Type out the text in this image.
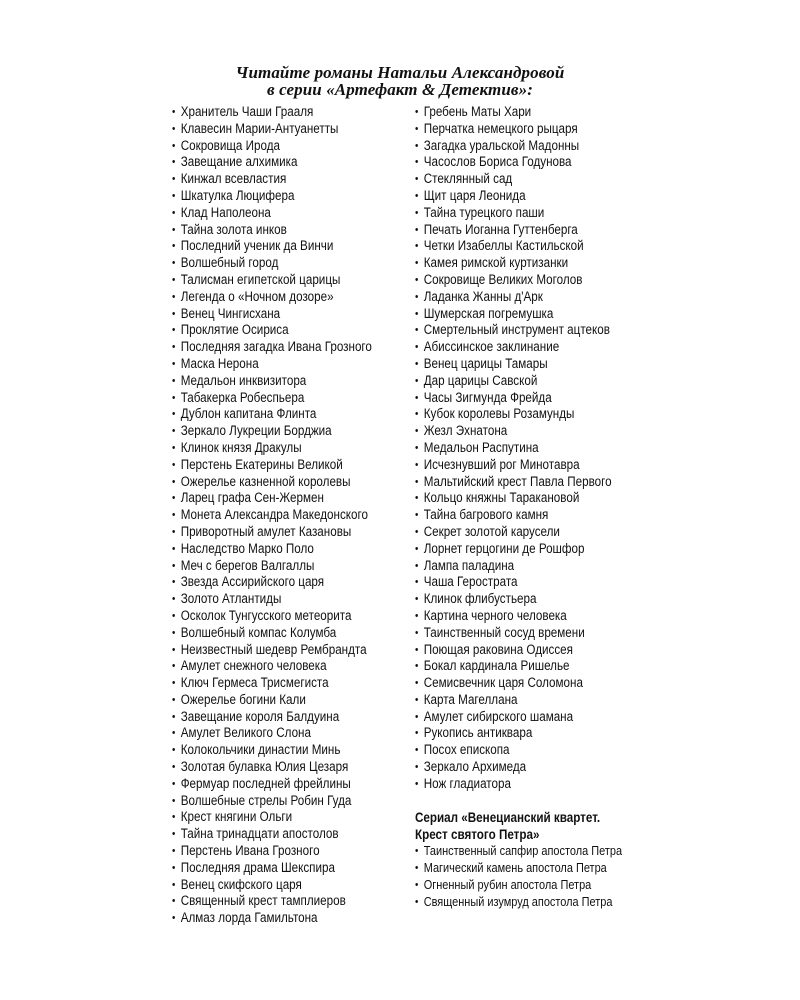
Читайте романы Натальи Александровой
в серии «Артефакт & Детектив»:
• Хранитель Чаши Грааля
• Клавесин Марии-Антуанетты
• Сокровища Ирода
• Завещание алхимика
• Кинжал всевластия
• Шкатулка Люцифера
• Клад Наполеона
• Тайна золота инков
• Последний ученик да Винчи
• Волшебный город
• Талисман египетской царицы
• Легенда о «Ночном дозоре»
• Венец Чингисхана
• Проклятие Осириса
• Последняя загадка Ивана Грозного
• Маска Нерона
• Медальон инквизитора
• Табакерка Робеспьера
• Дублон капитана Флинта
• Зеркало Лукреции Борджиа
• Клинок князя Дракулы
• Перстень Екатерины Великой
• Ожерелье казненной королевы
• Ларец графа Сен-Жермен
• Монета Александра Македонского
• Приворотный амулет Казановы
• Наследство Марко Поло
• Меч с берегов Валгаллы
• Звезда Ассирийского царя
• Золото Атлантиды
• Осколок Тунгусского метеорита
• Волшебный компас Колумба
• Неизвестный шедевр Рембрандта
• Амулет снежного человека
• Ключ Гермеса Трисмегиста
• Ожерелье богини Кали
• Завещание короля Балдуина
• Амулет Великого Слона
• Колокольчики династии Минь
• Золотая булавка Юлия Цезаря
• Фермуар последней фрейлины
• Волшебные стрелы Робин Гуда
• Крест княгини Ольги
• Тайна тринадцати апостолов
• Перстень Ивана Грозного
• Последняя драма Шекспира
• Венец скифского царя
• Священный крест тамплиеров
• Алмаз лорда Гамильтона
• Гребень Маты Хари
• Перчатка немецкого рыцаря
• Загадка уральской Мадонны
• Часослов Бориса Годунова
• Стеклянный сад
• Щит царя Леонида
• Тайна турецкого паши
• Печать Иоганна Гуттенберга
• Четки Изабеллы Кастильской
• Камея римской куртизанки
• Сокровище Великих Моголов
• Ладанка Жанны д'Арк
• Шумерская погремушка
• Смертельный инструмент ацтеков
• Абиссинское заклинание
• Венец царицы Тамары
• Дар царицы Савской
• Часы Зигмунда Фрейда
• Кубок королевы Розамунды
• Жезл Эхнатона
• Медальон Распутина
• Исчезнувший рог Минотавра
• Мальтийский крест Павла Первого
• Кольцо княжны Таракановой
• Тайна багрового камня
• Секрет золотой карусели
• Лорнет герцогини де Рошфор
• Лампа паладина
• Чаша Герострата
• Клинок флибустьера
• Картина черного человека
• Таинственный сосуд времени
• Поющая раковина Одиссея
• Бокал кардинала Ришелье
• Семисвечник царя Соломона
• Карта Магеллана
• Амулет сибирского шамана
• Рукопись антиквара
• Посох епископа
• Зеркало Архимеда
• Нож гладиатора
Сериал «Венецианский квартет.
Крест святого Петра»
• Таинственный сапфир апостола Петра
• Магический камень апостола Петра
• Огненный рубин апостола Петра
• Священный изумруд апостола Петра
